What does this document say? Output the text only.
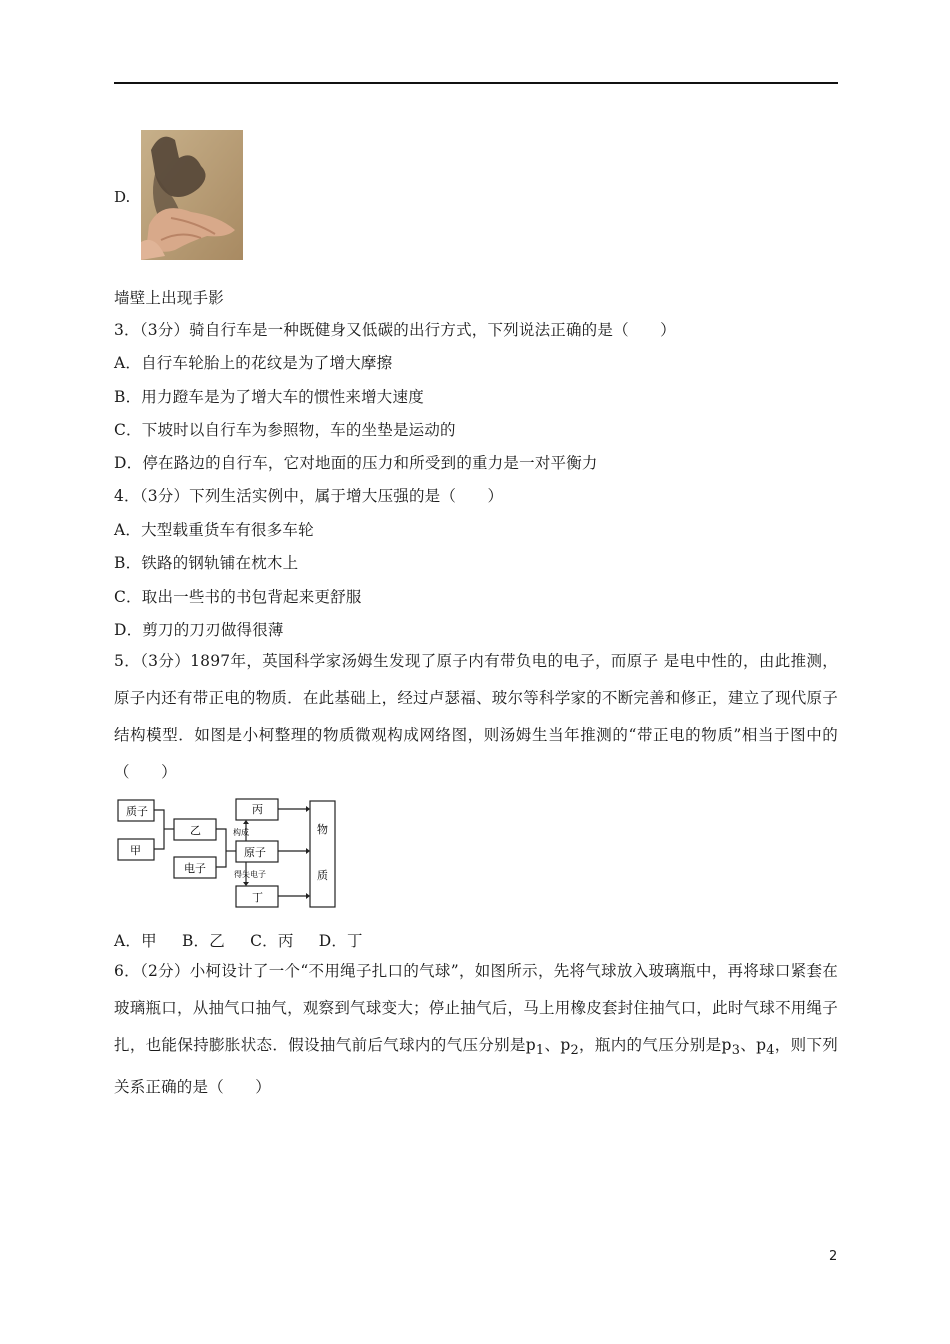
D.
墙壁上出现手影
3．（3分）骑自行车是一种既健身又低碳的出行方式，下列说法正确的是（　　）
A．自行车轮胎上的花纹是为了增大摩擦
B．用力蹬车是为了增大车的惯性来增大速度
C．下坡时以自行车为参照物，车的坐垫是运动的
D．停在路边的自行车，它对地面的压力和所受到的重力是一对平衡力
4．（3分）下列生活实例中，属于增大压强的是（　　）
A．大型载重货车有很多车轮
B．铁路的钢轨铺在枕木上
C．取出一些书的书包背起来更舒服
D．剪刀的刀刃做得很薄
5．（3分）1897年，英国科学家汤姆生发现了原子内有带负电的电子，而原子 是电中性的，由此推测，原子内还有带正电的物质．在此基础上，经过卢瑟福、玻尔等科学家的不断完善和修正，建立了现代原子结构模型．如图是小柯整理的物质微观构成网络图，则汤姆生当年推测的“带正电的物质”相当于图中的（　　）
质子
甲
乙
电子
丙
原子
丁
物
质
构成
得失电子
A．甲 B．乙 C．丙 D．丁
6．（2分）小柯设计了一个“不用绳子扎口的气球”，如图所示，先将气球放入玻璃瓶中，再将球口紧套在玻璃瓶口，从抽气口抽气，观察到气球变大；停止抽气后，马上用橡皮套封住抽气口，此时气球不用绳子扎，也能保持膨胀状态．假设抽气前后气球内的气压分别是$p_1$、$p_2$，瓶内的气压分别是$p_3$、$p_4$，则下列关系正确的是（　　）
2
